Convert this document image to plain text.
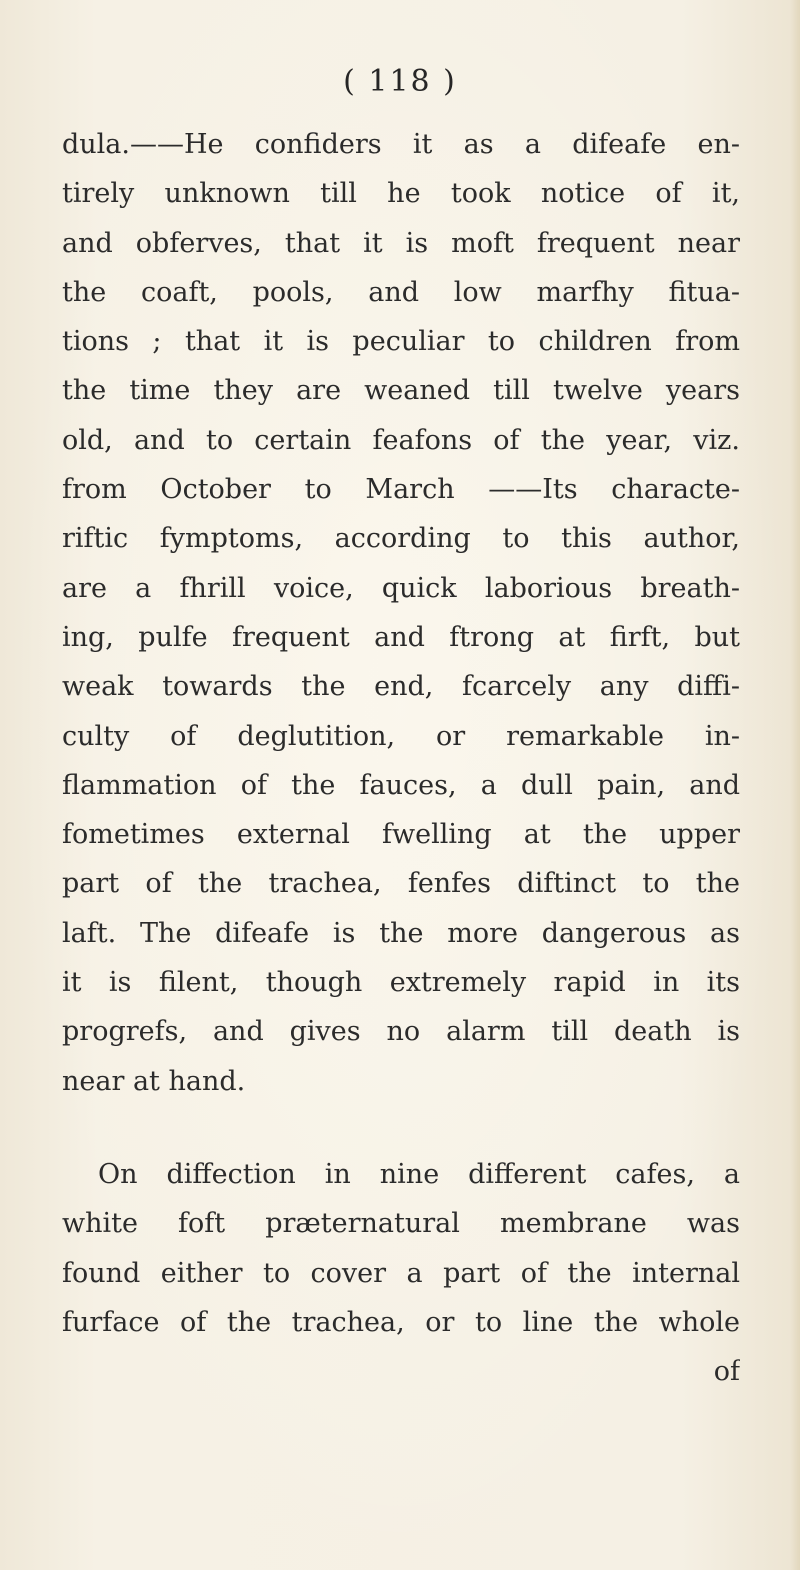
( 118 )
dula.——He confiders it as a difeafe en-
tirely unknown till he took notice of it,
and obferves, that it is moft frequent near
the coaft, pools, and low marfhy fitua-
tions ; that it is peculiar to children from
the time they are weaned till twelve years
old, and to certain feafons of the year, viz.
from October to March ——Its characte-
riftic fymptoms, according to this author,
are a fhrill voice, quick laborious breath-
ing, pulfe frequent and ftrong at firft, but
weak towards the end, fcarcely any diffi-
culty of deglutition, or remarkable in-
flammation of the fauces, a dull pain, and
fometimes external fwelling at the upper
part of the trachea, fenfes diftinct to the
laft. The difeafe is the more dangerous as
it is filent, though extremely rapid in its
progrefs, and gives no alarm till death is
near at hand.
On diffection in nine different cafes, a
white foft præternatural membrane was
found either to cover a part of the internal
furface of the trachea, or to line the whole
of
